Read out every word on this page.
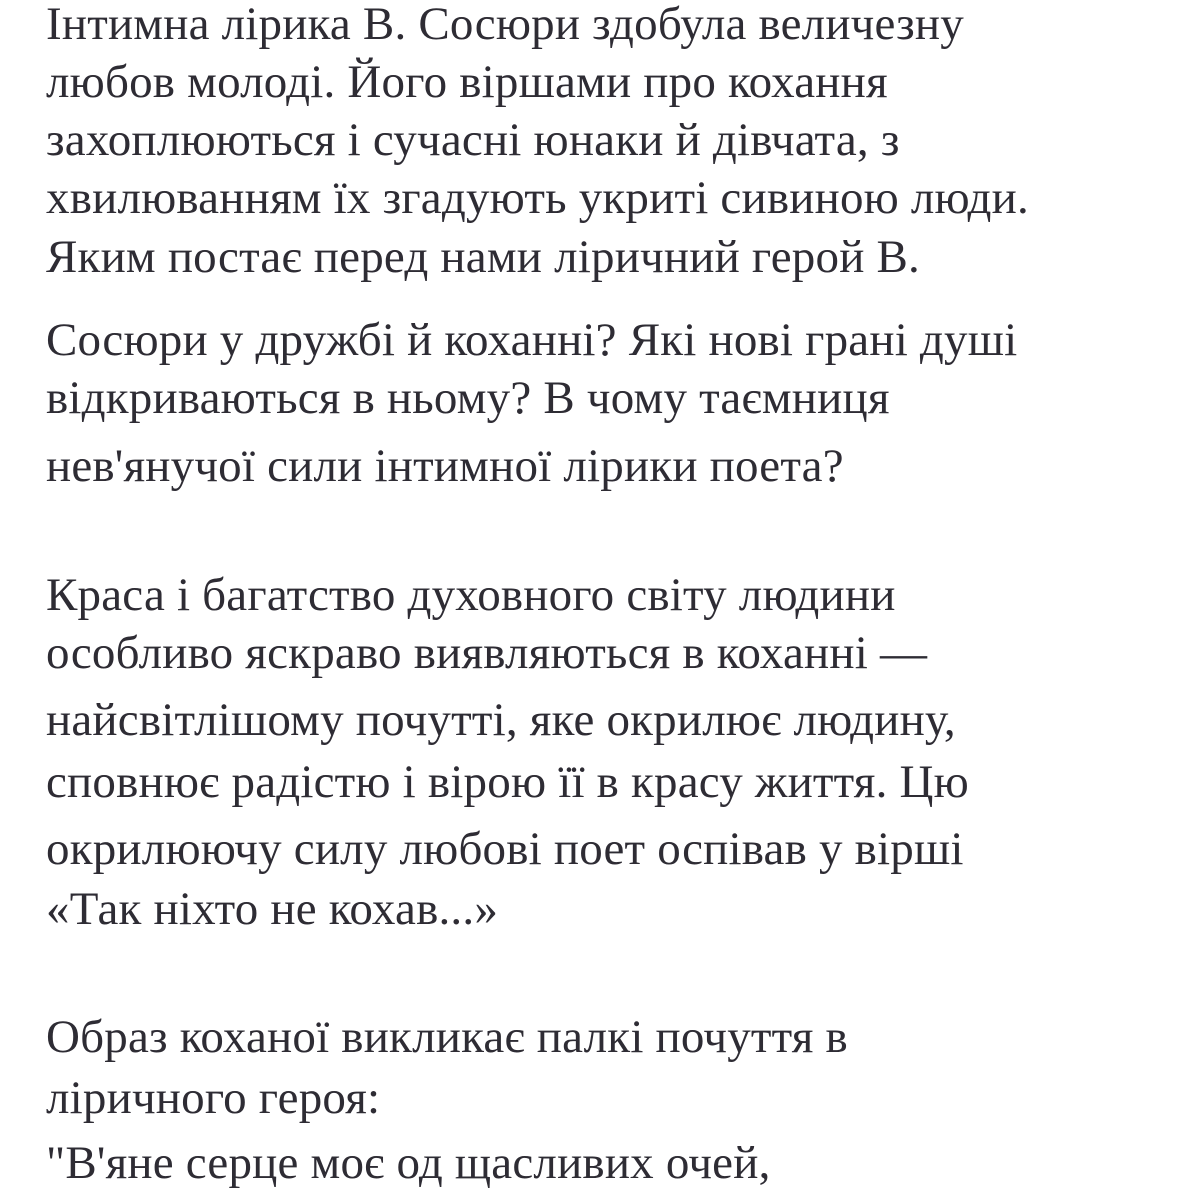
Інтимна лірика В. Сосюри здобула величезну
любов молоді. Його віршами про кохання
захоплюються і сучасні юнаки й дівчата, з
хвилюванням їх згадують укриті сивиною люди.
Яким постає перед нами ліричний герой В.
Сосюри у дружбі й коханні? Які нові грані душі
відкриваються в ньому? В чому таємниця
нев'янучої сили інтимної лірики поета?
Краса і багатство духовного світу людини
особливо яскраво виявляються в коханні —
найсвітлішому почутті, яке окрилює людину,
сповнює радістю і вірою її в красу життя. Цю
окрилюючу силу любові поет оспівав у вірші
«Так ніхто не кохав...»
Образ коханої викликає палкі почуття в
ліричного героя:
"В'яне серце моє од щасливих очей,
